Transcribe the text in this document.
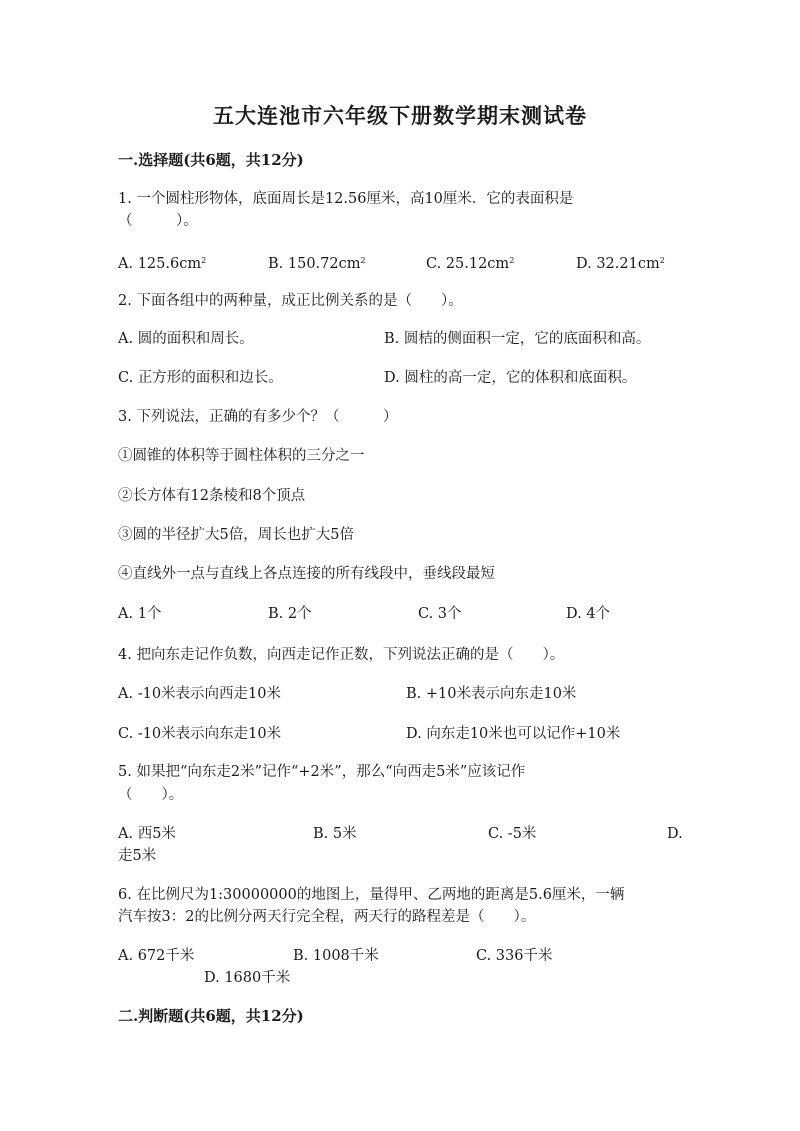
五大连池市六年级下册数学期末测试卷
一.选择题(共6题，共12分)
1. 一个圆柱形物体，底面周长是12.56厘米，高10厘米．它的表面积是
（　　　）。
A. $125.6cm^2$	B. $150.72cm^2$	C. $25.12cm^2$	D. $32.21cm^2$
2. 下面各组中的两种量，成正比例关系的是（　　）。
A. 圆的面积和周长。	B. 圆桔的侧面积一定，它的底面积和高。
C. 正方形的面积和边长。	D. 圆柱的高一定，它的体积和底面积。
3. 下列说法，正确的有多少个？（　　　）
①圆锥的体积等于圆柱体积的三分之一
②长方体有12条棱和8个顶点
③圆的半径扩大5倍，周长也扩大5倍
④直线外一点与直线上各点连接的所有线段中，垂线段最短
A. 1个	B. 2个	C. 3个	D. 4个
4. 把向东走记作负数，向西走记作正数，下列说法正确的是（　　）。
A. -10米表示向西走10米	B. +10米表示向东走10米
C. -10米表示向东走10米	D. 向东走10米也可以记作+10米
5. 如果把“向东走2米”记作“+2米”，那么“向西走5米”应该记作
（　　）。
A. 西5米	B. 5米	C. -5米	D.
走5米
6. 在比例尺为1:30000000的地图上，量得甲、乙两地的距离是5.6厘米，一辆
汽车按3：2的比例分两天行完全程，两天行的路程差是（　　）。
A. 672千米	B. 1008千米	C. 336千米
D. 1680千米
二.判断题(共6题，共12分)
